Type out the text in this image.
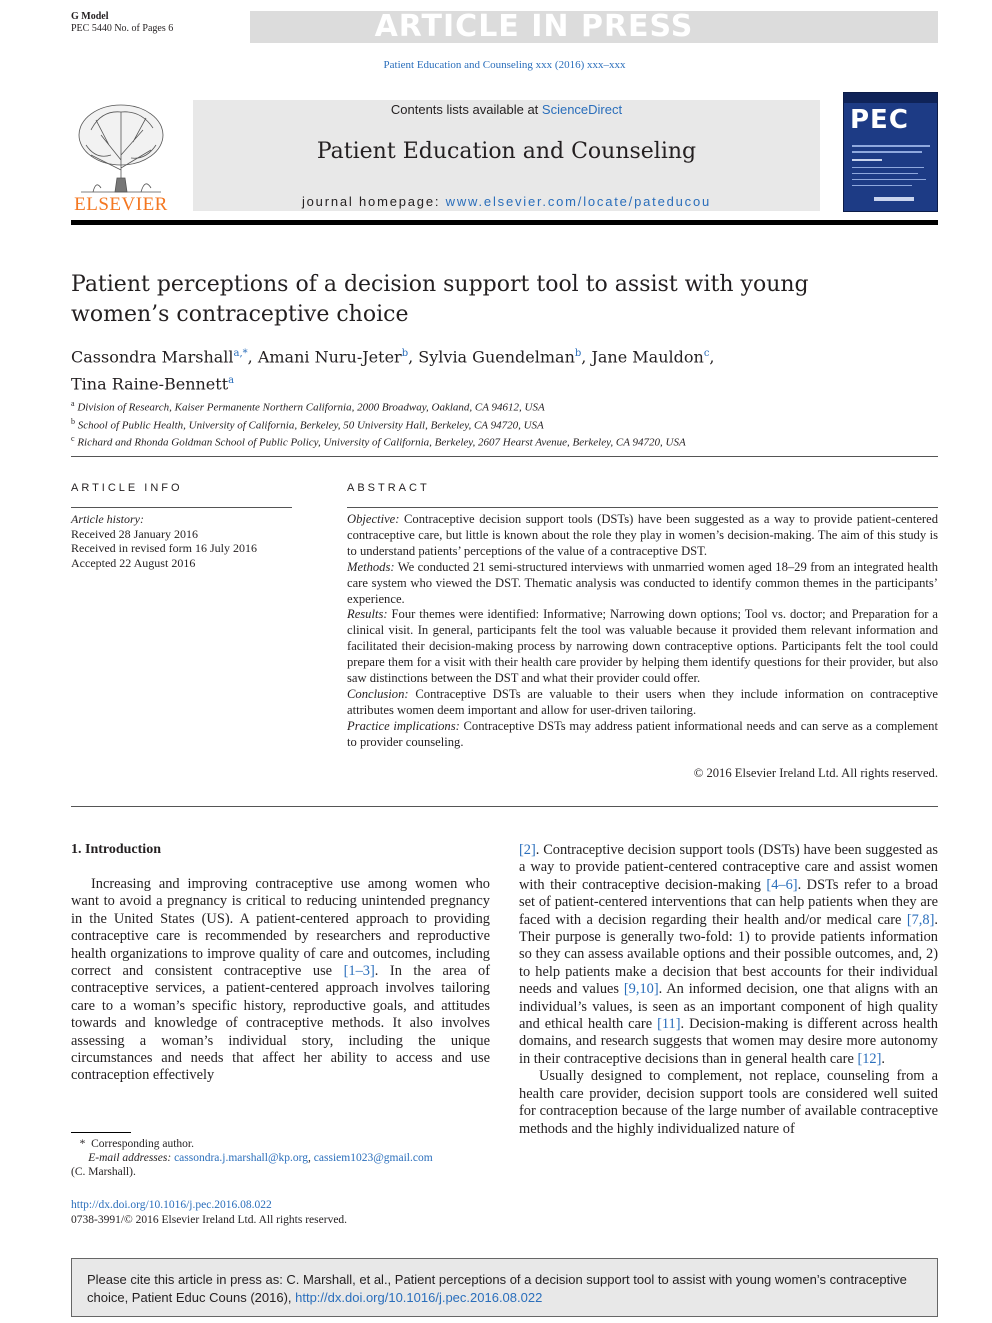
G Model
PEC 5440 No. of Pages 6	ARTICLE IN PRESS
Patient Education and Counseling xxx (2016) xxx–xxx
ELSEVIER
Contents lists available at ScienceDirect
Patient Education and Counseling
journal homepage: www.elsevier.com/locate/pateducou
PEC
Patient perceptions of a decision support tool to assist with young
women’s contraceptive choice
Cassondra Marshall$^{a,*}$, Amani Nuru-Jeter$^b$, Sylvia Guendelman$^b$, Jane Mauldon$^c$,
Tina Raine-Bennett$^a$
$^a$ Division of Research, Kaiser Permanente Northern California, 2000 Broadway, Oakland, CA 94612, USA
$^b$ School of Public Health, University of California, Berkeley, 50 University Hall, Berkeley, CA 94720, USA
$^c$ Richard and Rhonda Goldman School of Public Policy, University of California, Berkeley, 2607 Hearst Avenue, Berkeley, CA 94720, USA
ARTICLE INFO
Article history:
Received 28 January 2016
Received in revised form 16 July 2016
Accepted 22 August 2016
ABSTRACT

Objective: Contraceptive decision support tools (DSTs) have been suggested as a way to provide patient-centered contraceptive care, but little is known about the role they play in women’s decision-making. The aim of this study is to understand patients’ perceptions of the value of a contraceptive DST.

Methods: We conducted 21 semi-structured interviews with unmarried women aged 18–29 from an integrated health care system who viewed the DST. Thematic analysis was conducted to identify common themes in the participants’ experience.

Results: Four themes were identified: Informative; Narrowing down options; Tool vs. doctor; and Preparation for a clinical visit. In general, participants felt the tool was valuable because it provided them relevant information and facilitated their decision-making process by narrowing down contraceptive options. Participants felt the tool could prepare them for a visit with their health care provider by helping them identify questions for their provider, but also saw distinctions between the DST and what their provider could offer.

Conclusion: Contraceptive DSTs are valuable to their users when they include information on contraceptive attributes women deem important and allow for user-driven tailoring.

Practice implications: Contraceptive DSTs may address patient informational needs and can serve as a complement to provider counseling.

© 2016 Elsevier Ireland Ltd. All rights reserved.
1. Introduction

Increasing and improving contraceptive use among women who want to avoid a pregnancy is critical to reducing unintended pregnancy in the United States (US). A patient-centered approach to providing contraceptive care is recommended by researchers and reproductive health organizations to improve quality of care and outcomes, including correct and consistent contraceptive use [1–3]. In the area of contraceptive services, a patient-centered approach involves tailoring care to a woman’s specific history, reproductive goals, and attitudes towards and knowledge of contraceptive methods. It also involves assessing a woman’s individual story, including the unique circumstances and needs that affect her ability to access and use contraception effectively

[2]. Contraceptive decision support tools (DSTs) have been suggested as a way to provide patient-centered contraceptive care and assist women with their contraceptive decision-making [4–6]. DSTs refer to a broad set of patient-centered interventions that can help patients when they are faced with a decision regarding their health and/or medical care [7,8]. Their purpose is generally two-fold: 1) to provide patients information so they can assess available options and their possible outcomes, and, 2) to help patients make a decision that best accounts for their individual needs and values [9,10]. An informed decision, one that aligns with an individual’s values, is seen as an important component of high quality and ethical health care [11]. Decision-making is different across health domains, and research suggests that women may desire more autonomy in their contraceptive decisions than in general health care [12].

Usually designed to complement, not replace, counseling from a health care provider, decision support tools are considered well suited for contraception because of the large number of available contraceptive methods and the highly individualized nature of

* Corresponding author.
E-mail addresses: cassondra.j.marshall@kp.org, cassiem1023@gmail.com
(C. Marshall).
http://dx.doi.org/10.1016/j.pec.2016.08.022
0738-3991/© 2016 Elsevier Ireland Ltd. All rights reserved.
Please cite this article in press as: C. Marshall, et al., Patient perceptions of a decision support tool to assist with young women’s contraceptive choice, Patient Educ Couns (2016), http://dx.doi.org/10.1016/j.pec.2016.08.022
